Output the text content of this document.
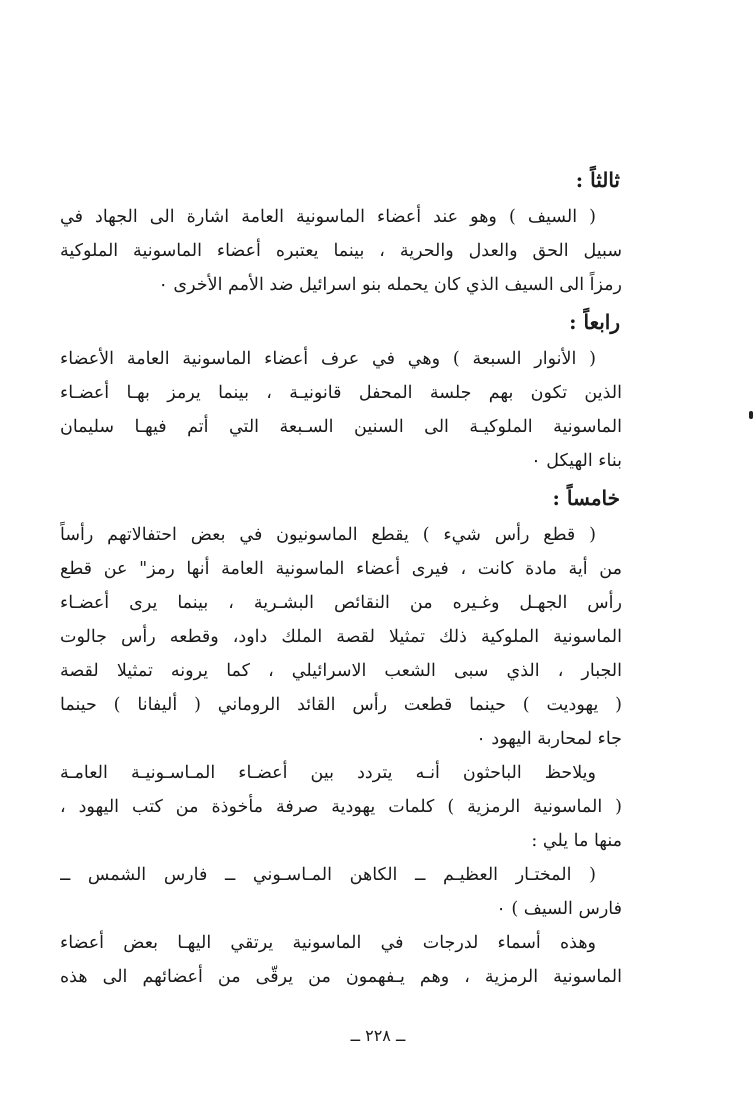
ثالثاً :
( السيف ) وهو عند أعضاء الماسونية العامة اشارة الى الجهاد في
سبيل الحق والعدل والحرية ، بينما يعتبره أعضاء الماسونية الملوكية
رمزاً الى السيف الذي كان يحمله بنو اسرائيل ضد الأمم الأخرى ٠
رابعاً :
( الأنوار السبعة ) وهي في عرف أعضاء الماسونية العامة الأعضاء
الذين تكون بهم جلسة المحفل قانونيـة ، بينما يرمز بهـا أعضـاء
الماسونية الملوكيـة الى السنين السـبعة التي أتم فيهـا سليمان
بناء الهيكل ٠
خامساً :
( قطع رأس شيء ) يقطع الماسونيون في بعض احتفالاتهم رأساً
من أية مادة كانت ، فيرى أعضاء الماسونية العامة أنها رمز" عن قطع
رأس الجهـل وغـيره من النقائص البشـرية ، بينما يرى أعضـاء
الماسونية الملوكية ذلك تمثيلا لقصة الملك داود، وقطعه رأس جالوت
الجبار ، الذي سبى الشعب الاسرائيلي ، كما يرونه تمثيلا لقصة
( يهوديت ) حينما قطعت رأس القائد الروماني ( أليفانا ) حينما
جاء لمحاربة اليهود ٠
ويلاحظ الباحثون أنـه يتردد بين أعضـاء المـاسـونيـة العامـة
( الماسونية الرمزية ) كلمات يهودية صرفة مأخوذة من كتب اليهود ،
منها ما يلي :
( المختـار العظيـم ــ الكاهن المـاسـوني ــ فارس الشمس ــ
فارس السيف ) ٠
وهذه أسماء لدرجات في الماسونية يرتقي اليهـا بعض أعضاء
الماسونية الرمزية ، وهم يـفهمون من يرقّى من أعضائهم الى هذه
ــ ٢٢٨ ــ
